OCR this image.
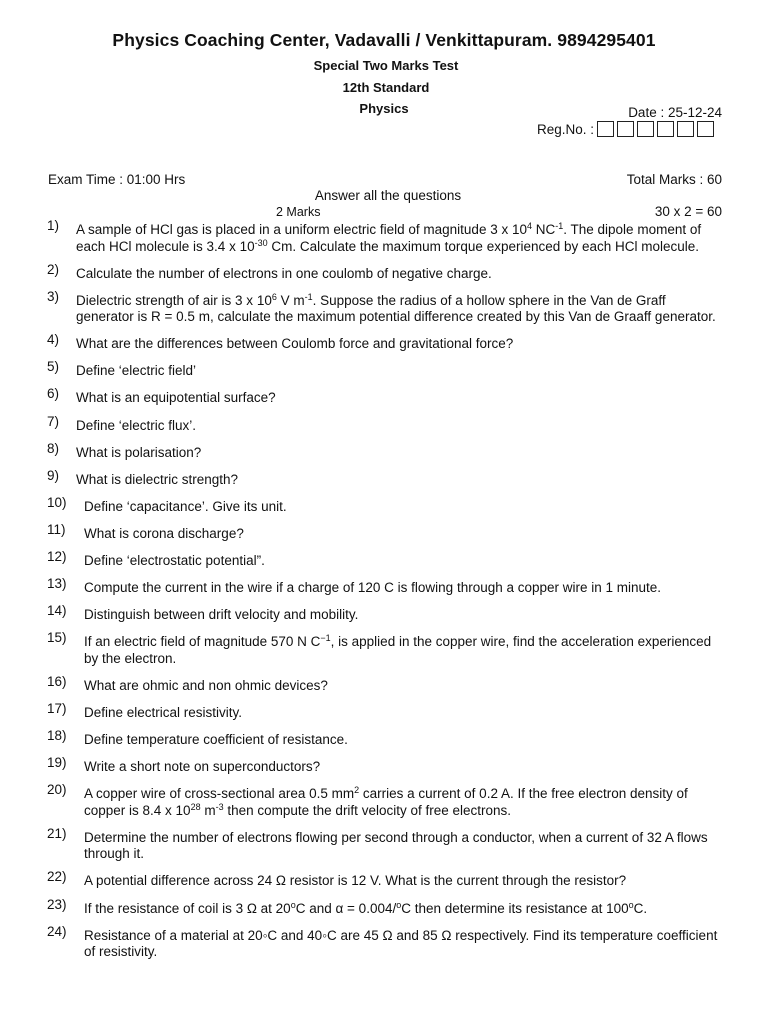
Physics Coaching Center, Vadavalli / Venkittapuram. 9894295401
Special Two Marks Test
12th Standard
Physics	Date : 25-12-24
Reg.No. :
Exam Time : 01:00 Hrs	Total Marks : 60
Answer all the questions
2 Marks	30 x 2 = 60
1)	A sample of HCl gas is placed in a uniform electric field of magnitude 3 x $10^4$ $NC^{-1}$. The dipole moment of each HCl molecule is 3.4 x $10^{-30}$ Cm. Calculate the maximum torque experienced by each HCl molecule.
2)	Calculate the number of electrons in one coulomb of negative charge.
3)	Dielectric strength of air is 3 x $10^6$ V $m^{-1}$. Suppose the radius of a hollow sphere in the Van de Graff generator is R = 0.5 m, calculate the maximum potential difference created by this Van de Graaff generator.
4)	What are the differences between Coulomb force and gravitational force?
5)	Define ‘electric field’
6)	What is an equipotential surface?
7)	Define ‘electric flux’.
8)	What is polarisation?
9)	What is dielectric strength?
10)	Define ‘capacitance’. Give its unit.
11)	What is corona discharge?
12)	Define ‘electrostatic potential”.
13)	Compute the current in the wire if a charge of 120 C is flowing through a copper wire in 1 minute.
14)	Distinguish between drift velocity and mobility.
15)	If an electric field of magnitude 570 N $C^{-1}$, is applied in the copper wire, find the acceleration experienced by the electron.
16)	What are ohmic and non ohmic devices?
17)	Define electrical resistivity.
18)	Define temperature coefficient of resistance.
19)	Write a short note on superconductors?
20)	A copper wire of cross-sectional area 0.5 $mm^2$ carries a current of 0.2 A. If the free electron density of copper is 8.4 x $10^{28}$ $m^{-3}$ then compute the drift velocity of free electrons.
21)	Determine the number of electrons flowing per second through a conductor, when a current of 32 A flows through it.
22)	A potential difference across 24 Ω resistor is 12 V. What is the current through the resistor?
23)	If the resistance of coil is 3 Ω at 20$^o$C and α = 0.004/$^o$C then determine its resistance at 100$^o$C.
24)	Resistance of a material at 20◦C and 40◦C are 45 Ω and 85 Ω respectively. Find its temperature coefficient of resistivity.
